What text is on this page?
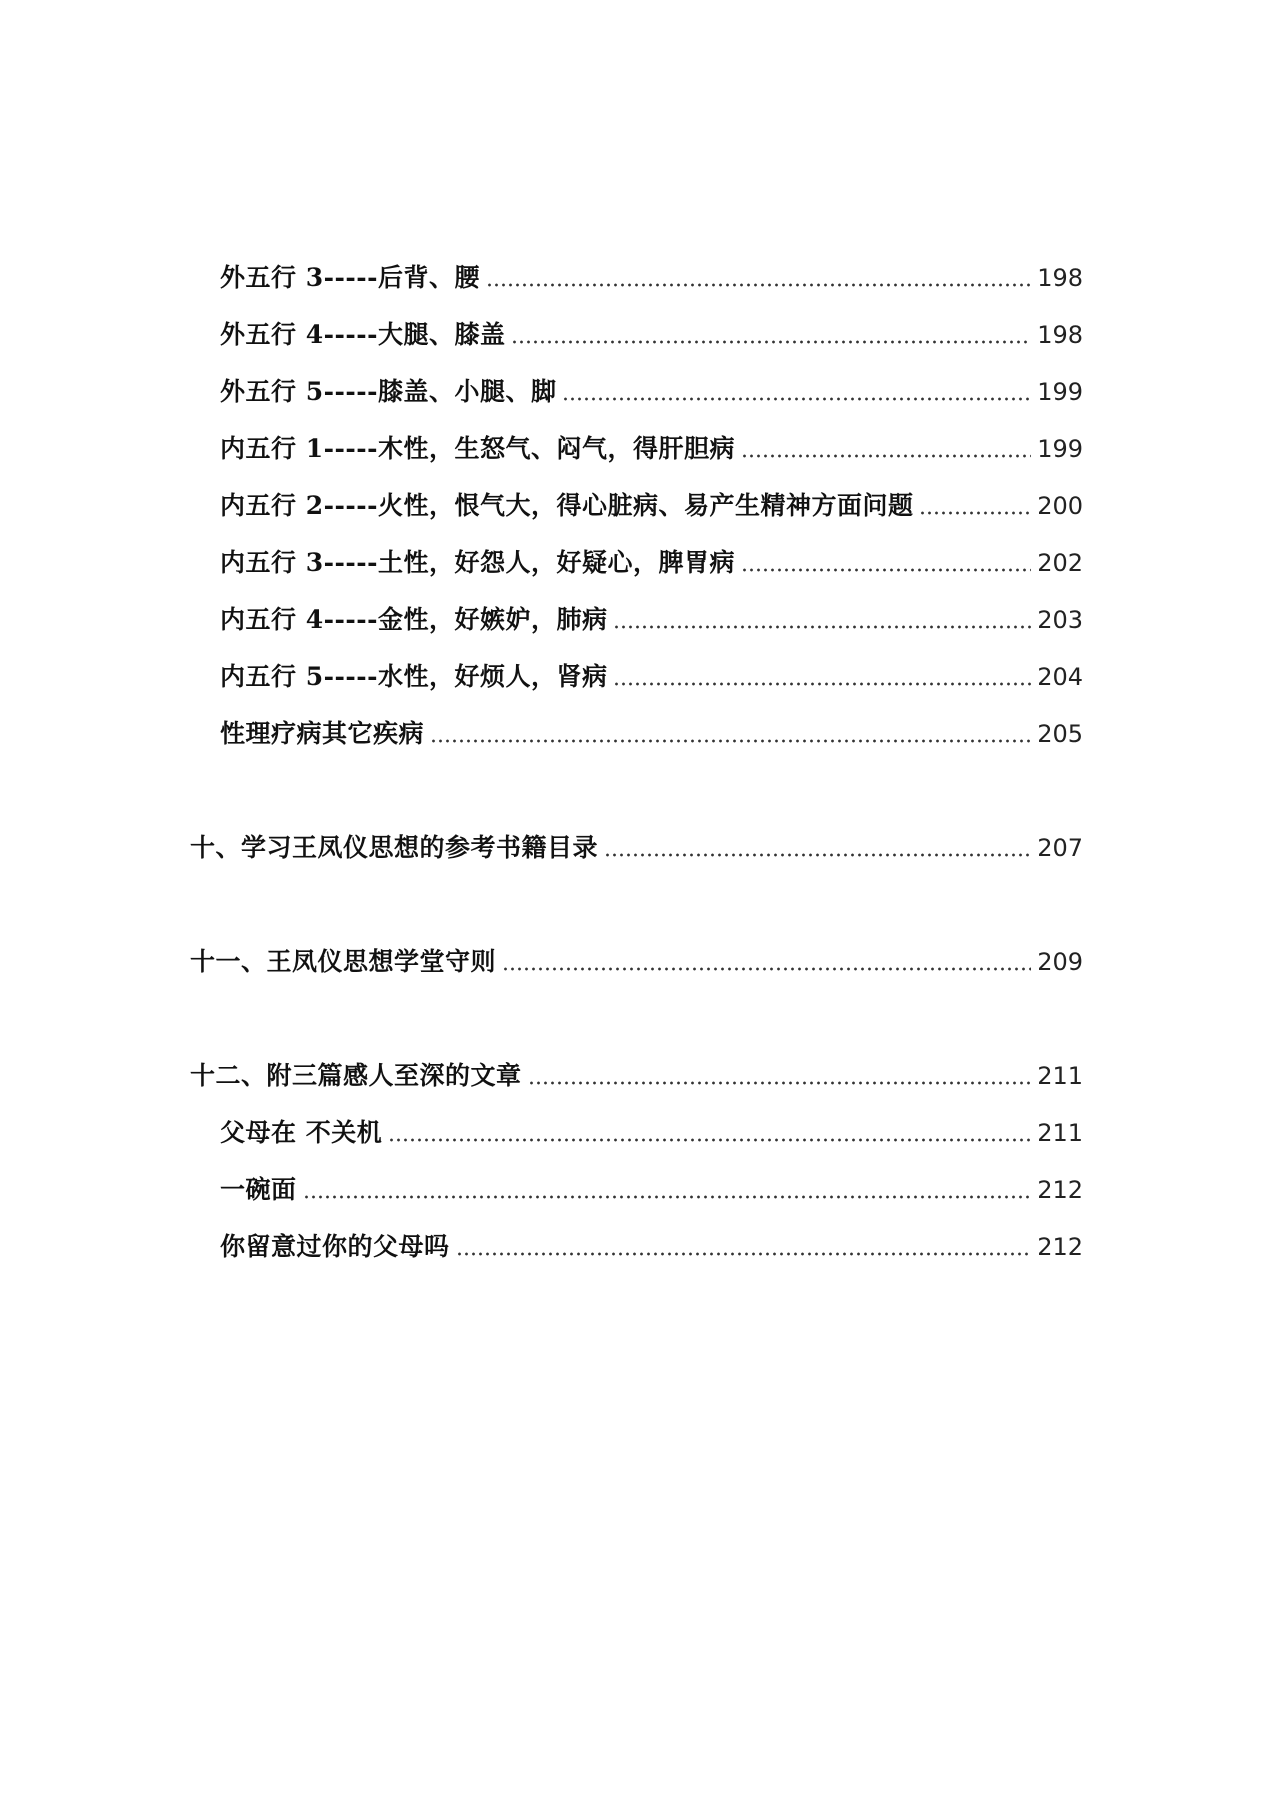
外五行 3-----后背、腰	198
外五行 4-----大腿、膝盖	198
外五行 5-----膝盖、小腿、脚	199
内五行 1-----木性，生怒气、闷气，得肝胆病	199
内五行 2-----火性，恨气大，得心脏病、易产生精神方面问题	200
内五行 3-----土性，好怨人，好疑心，脾胃病	202
内五行 4-----金性，好嫉妒，肺病	203
内五行 5-----水性，好烦人，肾病	204
性理疗病其它疾病	205
十、学习王凤仪思想的参考书籍目录	207
十一、王凤仪思想学堂守则	209
十二、附三篇感人至深的文章	211
父母在 不关机	211
一碗面	212
你留意过你的父母吗	212
